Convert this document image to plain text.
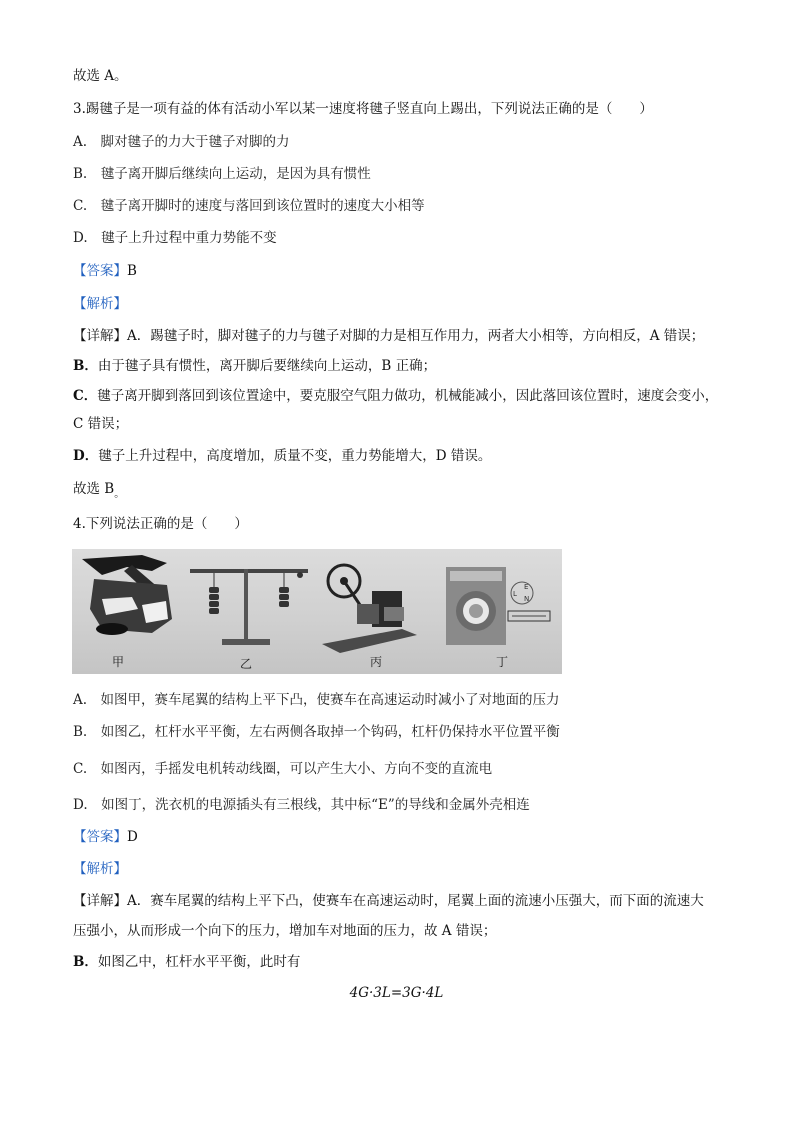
故选 A。
3.踢毽子是一项有益的体有活动小军以某一速度将毽子竖直向上踢出，下列说法正确的是（　　）
A.　脚对毽子的力大于毽子对脚的力
B.　毽子离开脚后继续向上运动，是因为具有惯性
C.　毽子离开脚时的速度与落回到该位置时的速度大小相等
D.　毽子上升过程中重力势能不变
【答案】B
【解析】
【详解】A．踢毽子时，脚对毽子的力与毽子对脚的力是相互作用力，两者大小相等，方向相反，A 错误；
B．由于毽子具有惯性，离开脚后要继续向上运动，B 正确；
C．毽子离开脚到落回到该位置途中，要克服空气阻力做功，机械能减小，因此落回该位置时，速度会变小，
C 错误；
D．毽子上升过程中，高度增加，质量不变，重力势能增大，D 错误。
故选 $B_。$
4.下列说法正确的是（　　）
L
E
N
甲	乙	丙	丁
A.　如图甲，赛车尾翼的结构上平下凸，使赛车在高速运动时减小了对地面的压力
B.　如图乙，杠杆水平平衡，左右两侧各取掉一个钩码，杠杆仍保持水平位置平衡
C.　如图丙，手摇发电机转动线圈，可以产生大小、方向不变的直流电
D.　如图丁，洗衣机的电源插头有三根线，其中标“E”的导线和金属外壳相连
【答案】D
【解析】
【详解】A．赛车尾翼的结构上平下凸，使赛车在高速运动时，尾翼上面的流速小压强大，而下面的流速大
压强小，从而形成一个向下的压力，增加车对地面的压力，故 A 错误；
B．如图乙中，杠杆水平平衡，此时有
4G·3L=3G·4L
